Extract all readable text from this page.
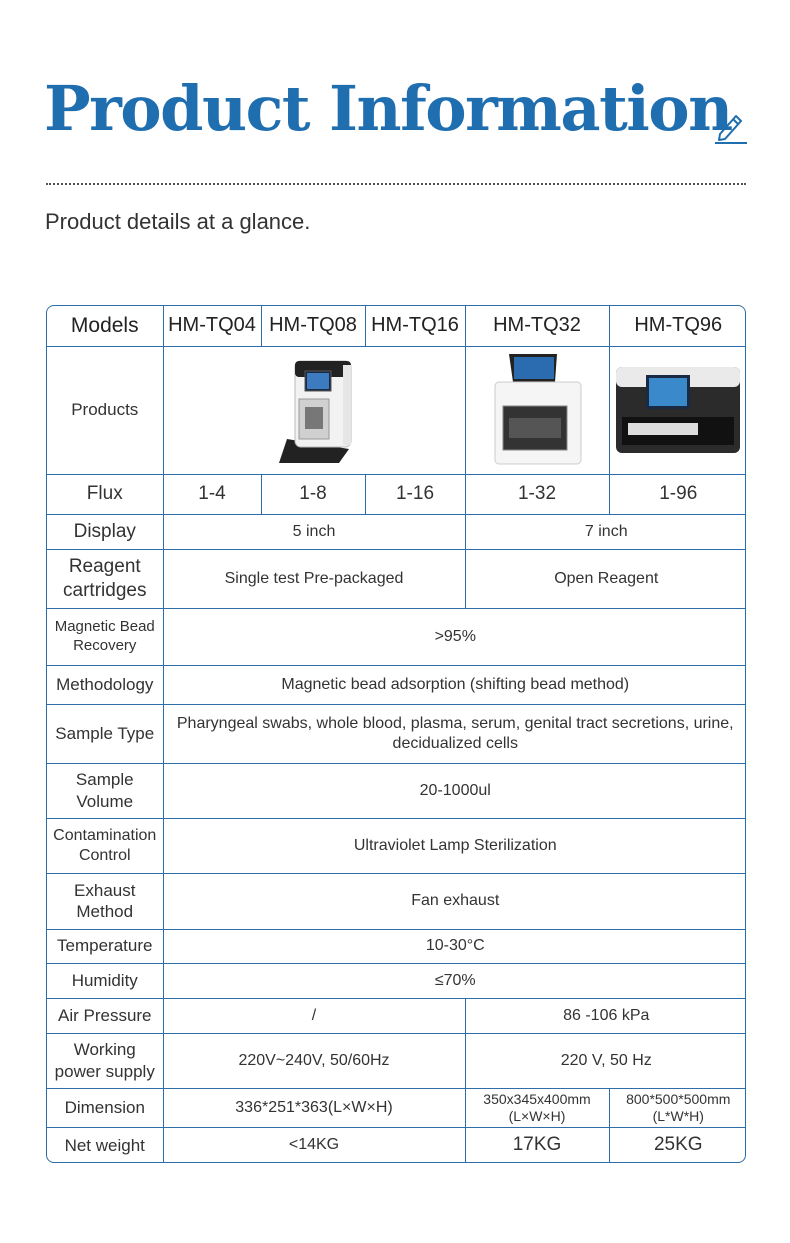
Product Information
Product details at a glance.
Models	HM-TQ04	HM-TQ08	HM-TQ16	HM-TQ32	HM-TQ96
Products	

Flux	1-4	1-8	1-16	1-32	1-96
Display	5 inch			7 inch	
Reagent cartridges	Single test Pre-packaged			Open Reagent	
Magnetic Bead Recovery	>95%				
Methodology	Magnetic bead adsorption (shifting bead method)				
Sample Type	Pharyngeal swabs, whole blood, plasma, serum, genital tract secretions, urine, decidualized cells				
Sample Volume	20-1000ul				
Contamination Control	Ultraviolet Lamp Sterilization				
Exhaust Method	Fan exhaust				
Temperature	10-30°C				
Humidity	≤70%				
Air Pressure	/			86 -106 kPa	
Working power supply	220V~240V, 50/60Hz			220 V, 50 Hz	
Dimension	336*251*363(L×W×H)			350x345x400mm (L×W×H)	800*500*500mm (L*W*H)
Net weight	<14KG			17KG	25KG
